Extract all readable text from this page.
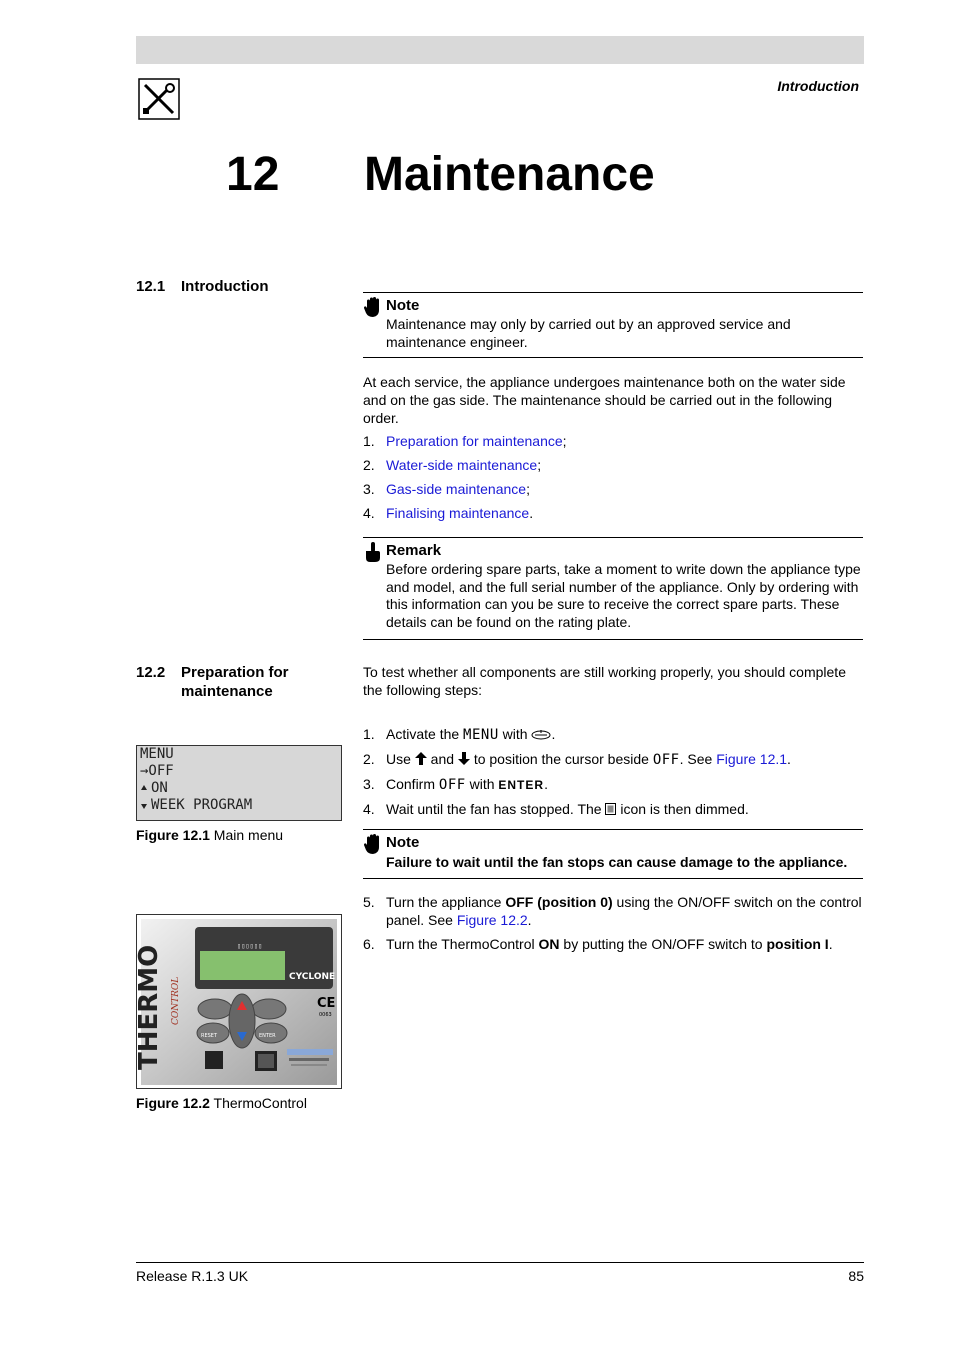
Introduction
12 Maintenance
12.1 Introduction
Note
Maintenance may only by carried out by an approved service and maintenance engineer.
At each service, the appliance undergoes maintenance both on the water side and on the gas side. The maintenance should be carried out in the following order.
1. Preparation for maintenance;
2. Water-side maintenance;
3. Gas-side maintenance;
4. Finalising maintenance.
Remark
Before ordering spare parts, take a moment to write down the appliance type and model, and the full serial number of the appliance. Only by ordering with this information can you be sure to receive the correct spare parts. These details can be found on the rating plate.
12.2 Preparation for
maintenance
To test whether all components are still working properly, you should complete the following steps:
1. Activate the MENU with .
2. Use  and  to position the cursor beside OFF. See Figure 12.1.
3. Confirm OFF with ENTER.
4. Wait until the fan has stopped. The  icon is then dimmed.
Note
Failure to wait until the fan stops can cause damage to the appliance.
5. Turn the appliance OFF (position 0) using the ON/OFF switch on the control panel. See Figure 12.2.
6. Turn the ThermoControl ON by putting the ON/OFF switch to position I.
MENU
→OFF
ON
WEEK PROGRAM
Figure 12.1 Main menu
▯▯▯▯▯▯
CYCLONE
CE
0063
RESET	ENTER
THERMO CONTROL
Figure 12.2 ThermoControl
Release R.1.3 UK	85
